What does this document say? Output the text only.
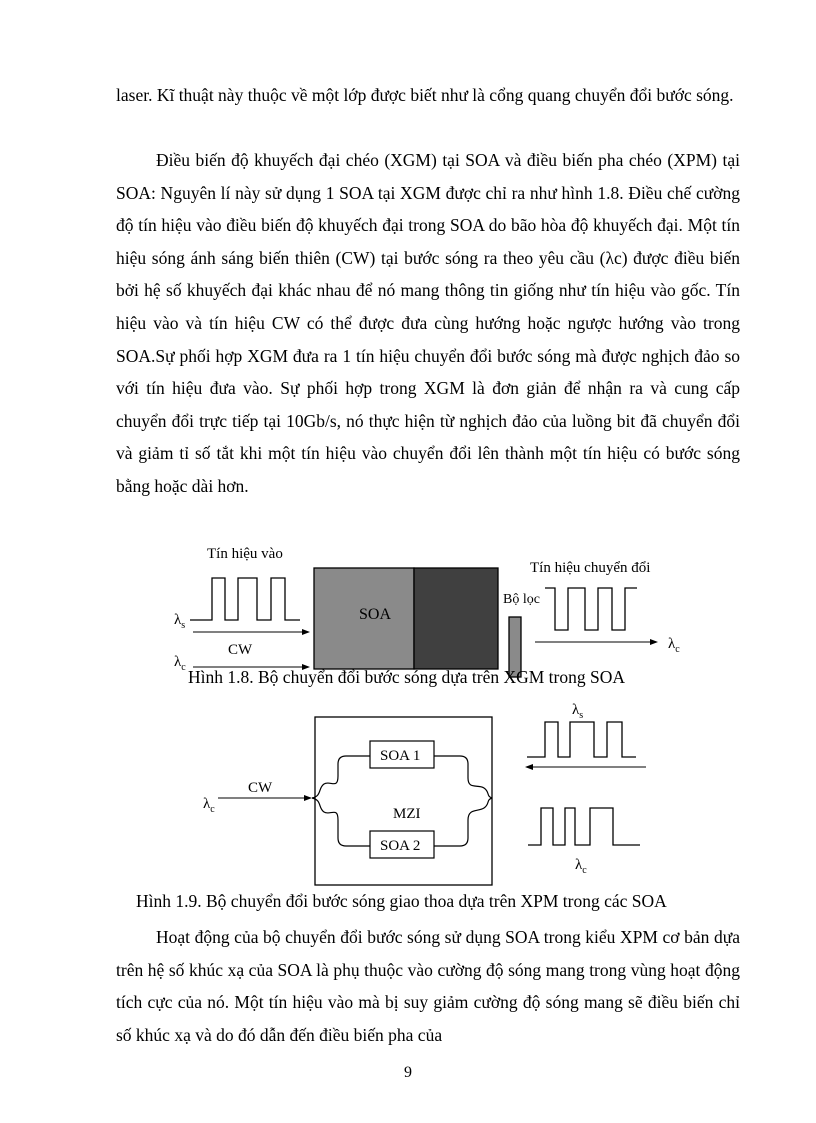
laser. Kĩ thuật này thuộc về một lớp được biết như là cổng quang chuyển đổi bước sóng.
Điều biến độ khuyếch đại chéo (XGM) tại SOA và điều biến pha chéo (XPM) tại SOA: Nguyên lí này sử dụng 1 SOA tại XGM được chỉ ra như hình 1.8. Điều chế cường độ tín hiệu vào điều biến độ khuyếch đại trong SOA do bão hòa độ khuyếch đại. Một tín hiệu sóng ánh sáng biến thiên (CW) tại bước sóng ra theo yêu cầu (λc) được điều biến bởi hệ số khuyếch đại khác nhau để nó mang thông tin giống như tín hiệu vào gốc. Tín hiệu vào và tín hiệu CW có thể được đưa cùng hướng hoặc ngược hướng vào trong SOA.Sự phối hợp XGM đưa ra 1 tín hiệu chuyển đổi bước sóng mà được nghịch đảo so với tín hiệu đưa vào. Sự phối hợp trong XGM là đơn giản để nhận ra và cung cấp chuyển đổi trực tiếp tại 10Gb/s, nó thực hiện từ nghịch đảo của luồng bit đã chuyển đổi và giảm tỉ số tắt khi một tín hiệu vào chuyển đổi lên thành một tín hiệu có bước sóng bằng hoặc dài hơn.
Tín hiệu vào
$\lambda_s$
CW
$\lambda_c$
SOA
Bộ lọc
Tín hiệu chuyển đổi
$\lambda_c$
Hình 1.8. Bộ chuyển đổi bước sóng dựa trên XGM trong SOA
CW
$\lambda_c$
SOA 1
SOA 2
MZI
$\lambda_s$
$\lambda_c$
Hình 1.9. Bộ chuyển đổi bước sóng giao thoa dựa trên XPM trong các SOA
Hoạt động của bộ chuyển đổi bước sóng sử dụng SOA trong kiểu XPM cơ bản dựa trên hệ số khúc xạ của SOA là phụ thuộc vào cường độ sóng mang trong vùng hoạt động tích cực của nó. Một tín hiệu vào mà bị suy giảm cường độ sóng mang sẽ điều biến chỉ số khúc xạ và do đó dẫn đến điều biến pha của
9
